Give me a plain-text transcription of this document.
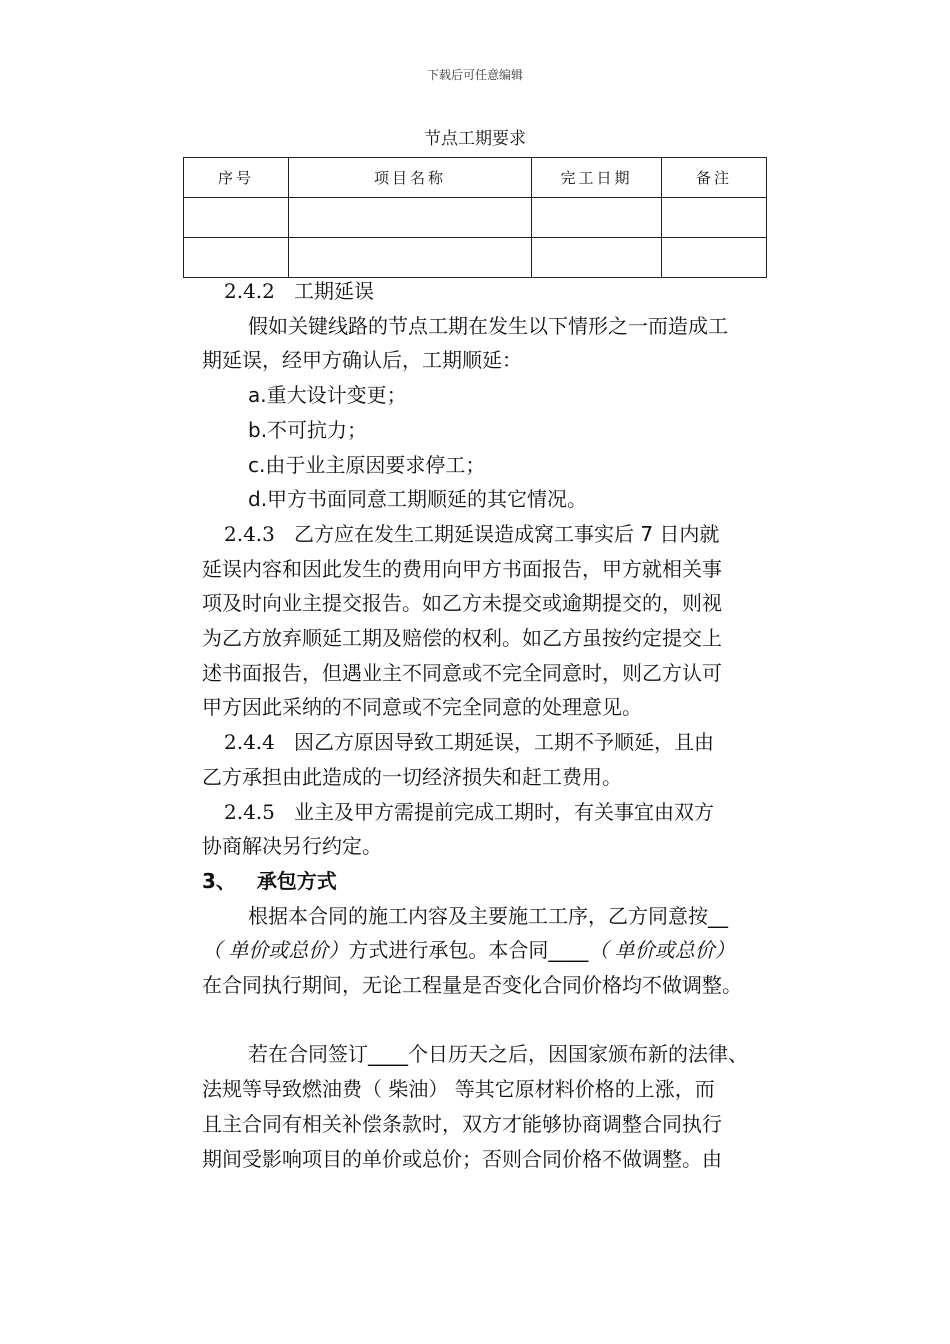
下载后可任意编辑
节点工期要求
序号	项目名称	完工日期	备注

2.4.2 工期延误

假如关键线路的节点工期在发生以下情形之一而造成工

期延误，经甲方确认后，工期顺延：

a.重大设计变更；

b.不可抗力；

c.由于业主原因要求停工；

d.甲方书面同意工期顺延的其它情况。

2.4.3 乙方应在发生工期延误造成窝工事实后 7 日内就

延误内容和因此发生的费用向甲方书面报告，甲方就相关事

项及时向业主提交报告。如乙方未提交或逾期提交的，则视

为乙方放弃顺延工期及赔偿的权利。如乙方虽按约定提交上

述书面报告，但遇业主不同意或不完全同意时，则乙方认可

甲方因此采纳的不同意或不完全同意的处理意见。

2.4.4 因乙方原因导致工期延误，工期不予顺延，且由

乙方承担由此造成的一切经济损失和赶工费用。

2.4.5 业主及甲方需提前完成工期时，有关事宜由双方

协商解决另行约定。

3、 承包方式

根据本合同的施工内容及主要施工工序，乙方同意按__

（ 单价或总价）方式进行承包。本合同____（ 单价或总价）

在合同执行期间，无论工程量是否变化合同价格均不做调整。

若在合同签订____个日历天之后，因国家颁布新的法律、

法规等导致燃油费（ 柴油） 等其它原材料价格的上涨，而

且主合同有相关补偿条款时，双方才能够协商调整合同执行

期间受影响项目的单价或总价；否则合同价格不做调整。由
